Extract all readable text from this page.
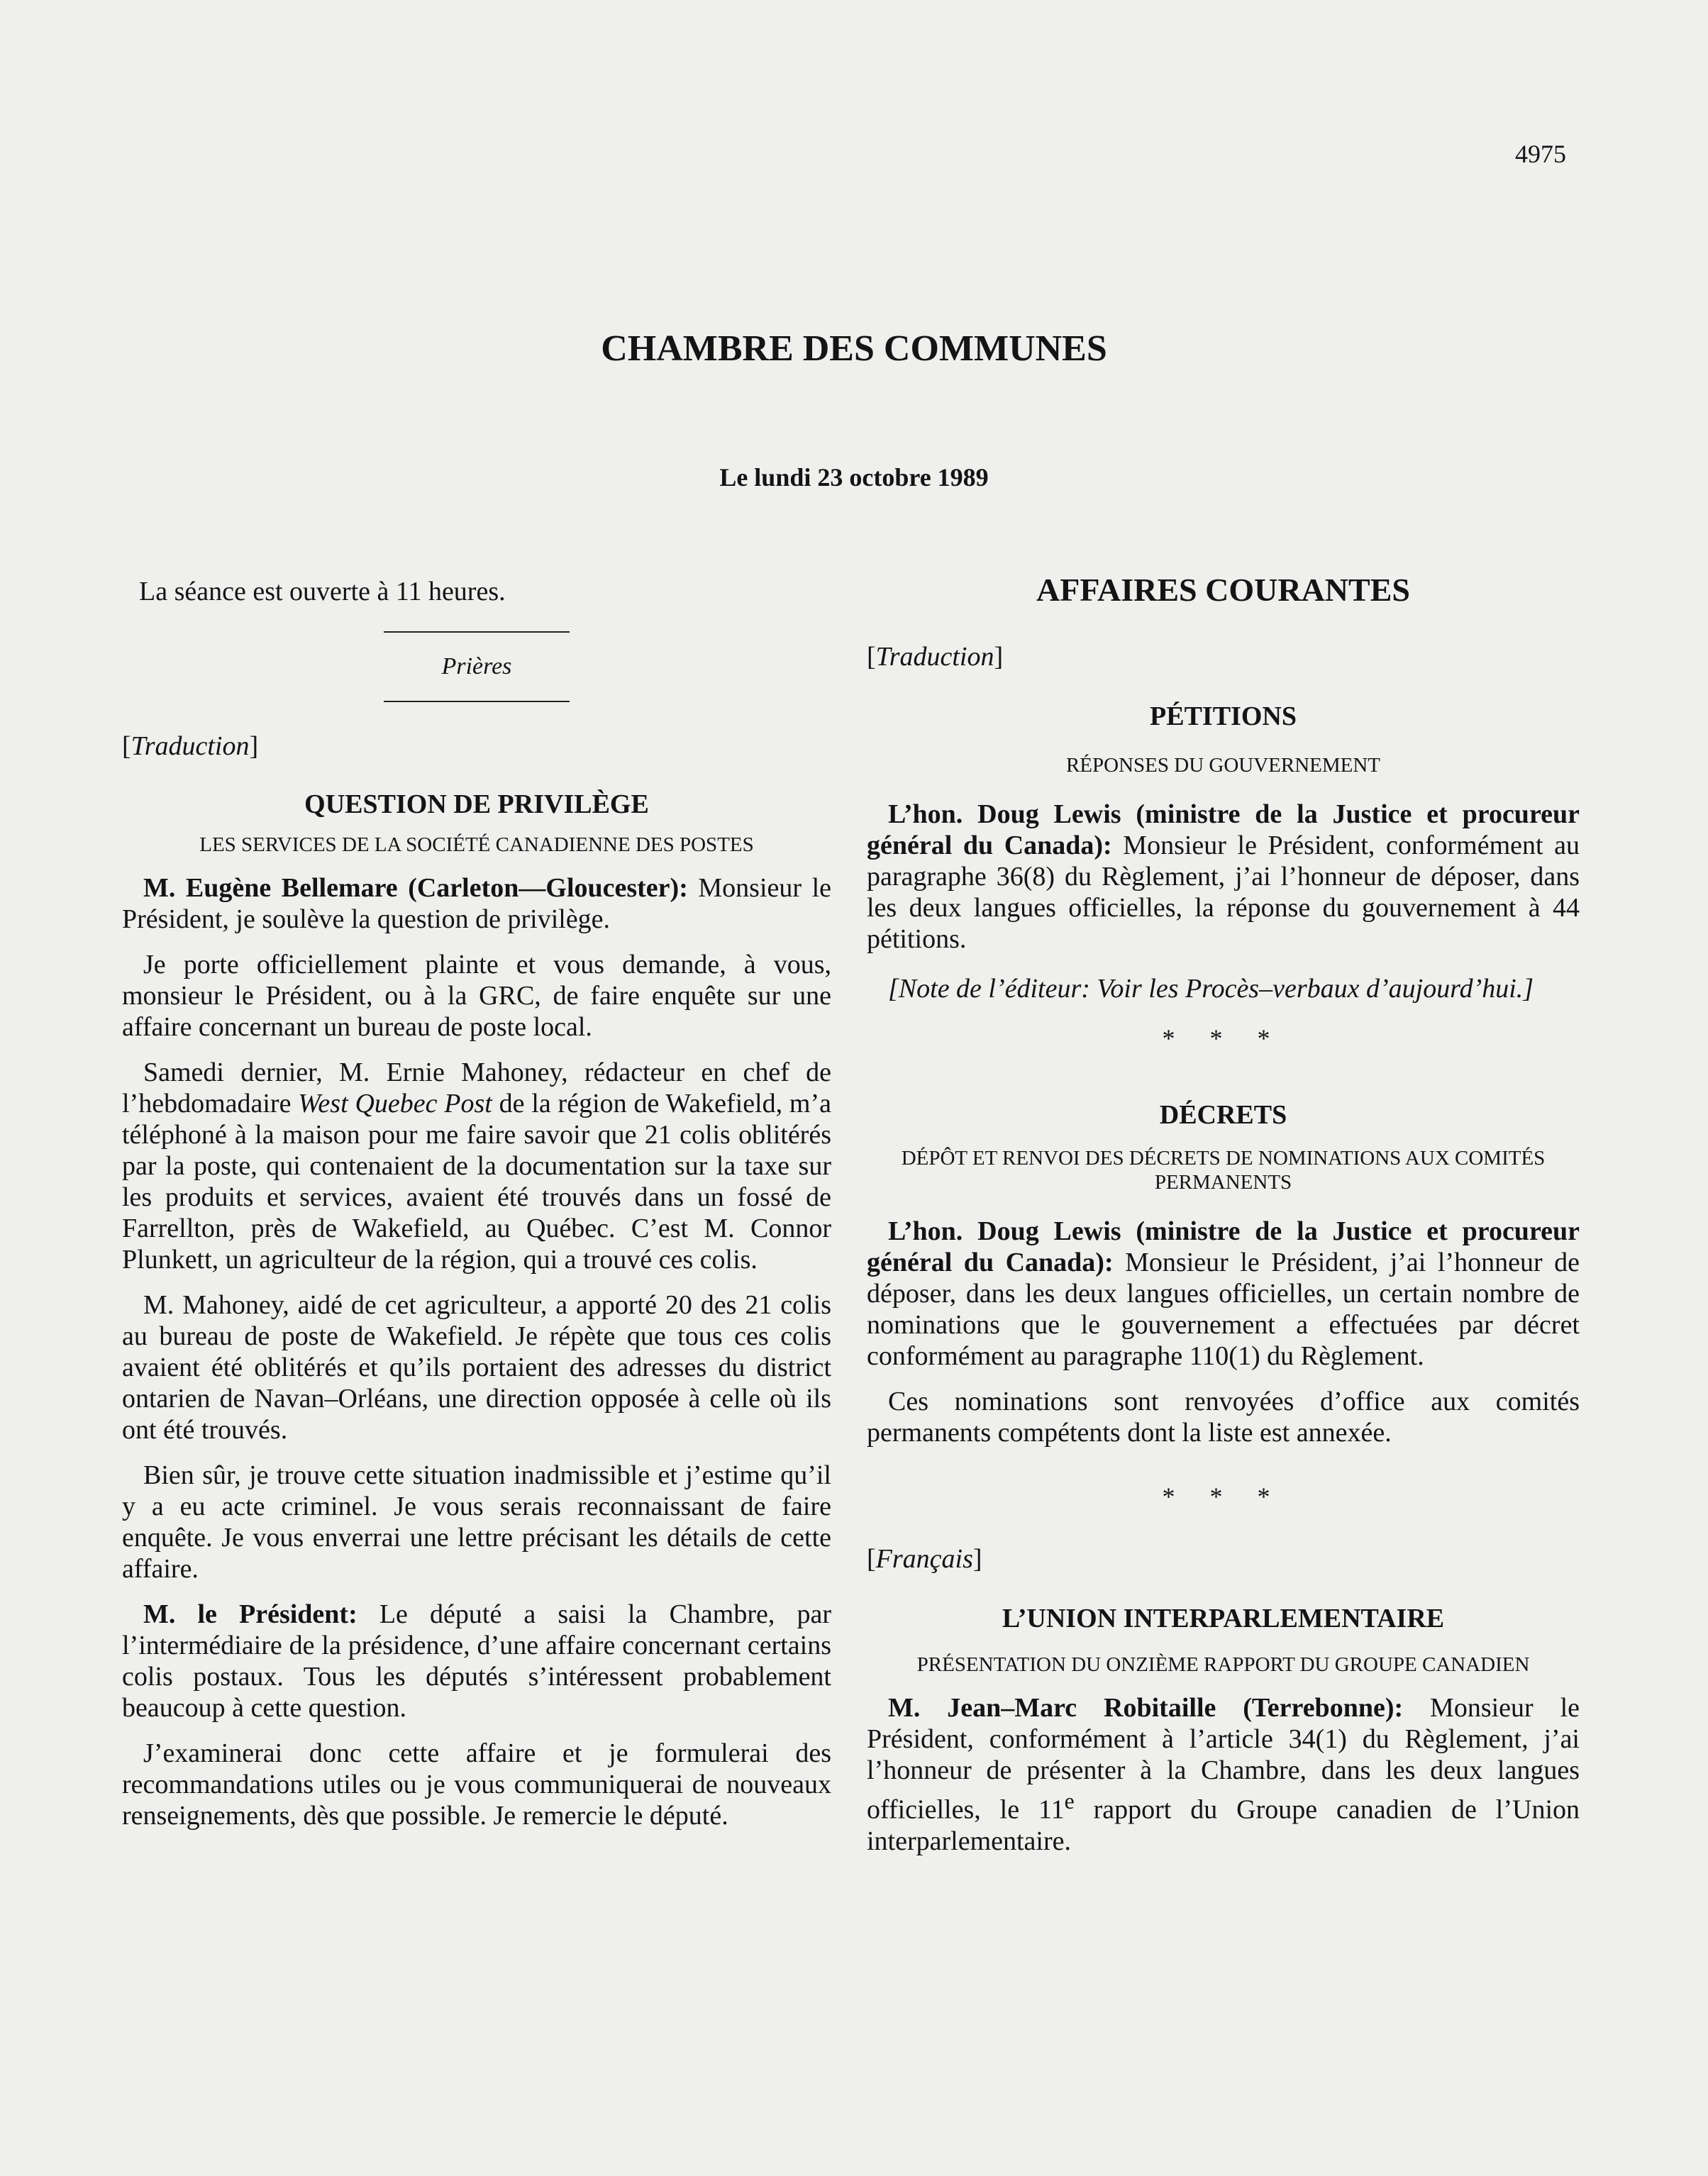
4975
CHAMBRE DES COMMUNES
Le lundi 23 octobre 1989

La séance est ouverte à 11 heures.

Prières

[Traduction]

QUESTION DE PRIVILÈGE
LES SERVICES DE LA SOCIÉTÉ CANADIENNE DES POSTES

M. Eugène Bellemare (Carleton—Gloucester): Monsieur le Président, je soulève la question de privilège.

Je porte officiellement plainte et vous demande, à vous, monsieur le Président, ou à la GRC, de faire enquête sur une affaire concernant un bureau de poste local.

Samedi dernier, M. Ernie Mahoney, rédacteur en chef de l’hebdomadaire West Quebec Post de la région de Wakefield, m’a téléphoné à la maison pour me faire savoir que 21 colis oblitérés par la poste, qui contenaient de la documentation sur la taxe sur les produits et services, avaient été trouvés dans un fossé de Farrellton, près de Wakefield, au Québec. C’est M. Connor Plunkett, un agriculteur de la région, qui a trouvé ces colis.

M. Mahoney, aidé de cet agriculteur, a apporté 20 des 21 colis au bureau de poste de Wakefield. Je répète que tous ces colis avaient été oblitérés et qu’ils portaient des adresses du district ontarien de Navan–Orléans, une direction opposée à celle où ils ont été trouvés.

Bien sûr, je trouve cette situation inadmissible et j’estime qu’il y a eu acte criminel. Je vous serais reconnaissant de faire enquête. Je vous enverrai une lettre précisant les détails de cette affaire.

M. le Président: Le député a saisi la Chambre, par l’intermédiaire de la présidence, d’une affaire concernant certains colis postaux. Tous les députés s’intéressent probablement beaucoup à cette question.

J’examinerai donc cette affaire et je formulerai des recommandations utiles ou je vous communiquerai de nouveaux renseignements, dès que possible. Je remercie le député.

AFFAIRES COURANTES

[Traduction]

PÉTITIONS
RÉPONSES DU GOUVERNEMENT

L’hon. Doug Lewis (ministre de la Justice et procureur général du Canada): Monsieur le Président, conformément au paragraphe 36(8) du Règlement, j’ai l’honneur de déposer, dans les deux langues officielles, la réponse du gouvernement à 44 pétitions.

[Note de l’éditeur: Voir les Procès–verbaux d’aujourd’hui.]

* * *
DÉCRETS
DÉPÔT ET RENVOI DES DÉCRETS DE NOMINATIONS AUX COMITÉS PERMANENTS

L’hon. Doug Lewis (ministre de la Justice et procureur général du Canada): Monsieur le Président, j’ai l’honneur de déposer, dans les deux langues officielles, un certain nombre de nominations que le gouvernement a effectuées par décret conformément au paragraphe 110(1) du Règlement.

Ces nominations sont renvoyées d’office aux comités permanents compétents dont la liste est annexée.

* * *

[Français]

L’UNION INTERPARLEMENTAIRE
PRÉSENTATION DU ONZIÈME RAPPORT DU GROUPE CANADIEN

M. Jean–Marc Robitaille (Terrebonne): Monsieur le Président, conformément à l’article 34(1) du Règlement, j’ai l’honneur de présenter à la Chambre, dans les deux langues officielles, le 11e rapport du Groupe canadien de l’Union interparlementaire.
